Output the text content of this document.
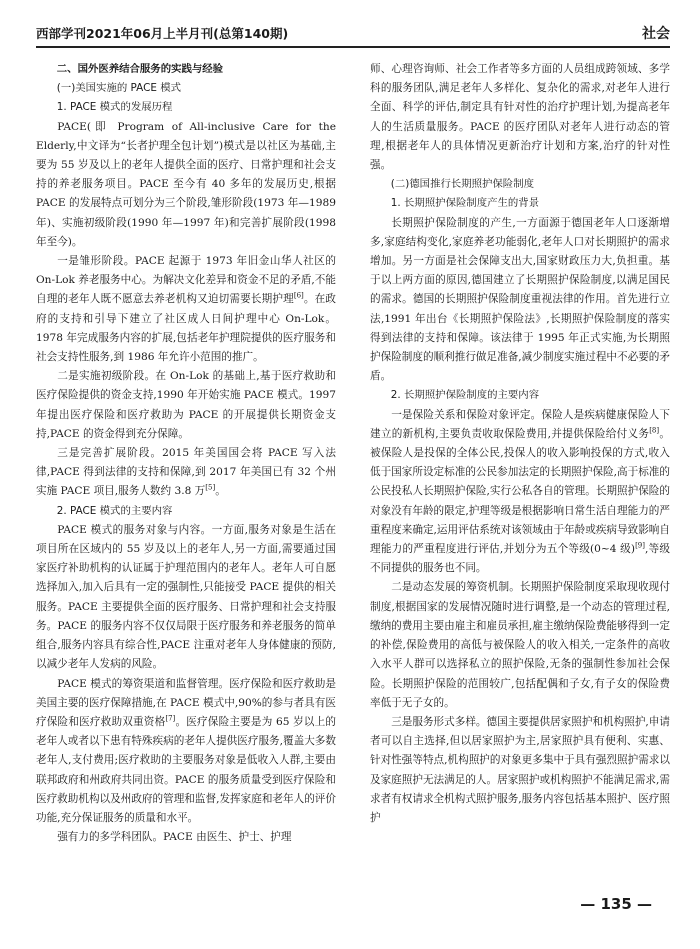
西部学刊2021年06月上半月刊(总第140期)	社会

二、国外医养结合服务的实践与经验

(一)美国实施的 PACE 模式

1. PACE 模式的发展历程

PACE(即 Program of All-inclusive Care for the Elderly,中文译为“长者护理全包计划”)模式是以社区为基础,主要为 55 岁及以上的老年人提供全面的医疗、日常护理和社会支持的养老服务项目。PACE 至今有 40 多年的发展历史,根据 PACE 的发展特点可划分为三个阶段,雏形阶段(1973 年—1989 年)、实施初级阶段(1990 年—1997 年)和完善扩展阶段(1998 年至今)。

一是雏形阶段。PACE 起源于 1973 年旧金山华人社区的 On-Lok 养老服务中心。为解决文化差异和资金不足的矛盾,不能自理的老年人既不愿意去养老机构又迫切需要长期护理[6]。在政府的支持和引导下建立了社区成人日间护理中心 On-Lok。1978 年完成服务内容的扩展,包括老年护理院提供的医疗服务和社会支持性服务,到 1986 年允许小范围的推广。

二是实施初级阶段。在 On-Lok 的基础上,基于医疗救助和医疗保险提供的资金支持,1990 年开始实施 PACE 模式。1997 年提出医疗保险和医疗救助为 PACE 的开展提供长期资金支持,PACE 的资金得到充分保障。

三是完善扩展阶段。2015 年美国国会将 PACE 写入法律,PACE 得到法律的支持和保障,到 2017 年美国已有 32 个州实施 PACE 项目,服务人数约 3.8 万[5]。

2. PACE 模式的主要内容

PACE 模式的服务对象与内容。一方面,服务对象是生活在项目所在区域内的 55 岁及以上的老年人,另一方面,需要通过国家医疗补助机构的认证属于护理范围内的老年人。老年人可自愿选择加入,加入后具有一定的强制性,只能接受 PACE 提供的相关服务。PACE 主要提供全面的医疗服务、日常护理和社会支持服务。PACE 的服务内容不仅仅局限于医疗服务和养老服务的简单组合,服务内容具有综合性,PACE 注重对老年人身体健康的预防,以减少老年人发病的风险。

PACE 模式的筹资渠道和监督管理。医疗保险和医疗救助是美国主要的医疗保障措施,在 PACE 模式中,90%的参与者具有医疗保险和医疗救助双重资格[7]。医疗保险主要是为 65 岁以上的老年人或者以下患有特殊疾病的老年人提供医疗服务,覆盖大多数老年人,支付费用;医疗救助的主要服务对象是低收入人群,主要由联邦政府和州政府共同出资。PACE 的服务质量受到医疗保险和医疗救助机构以及州政府的管理和监督,发挥家庭和老年人的评价功能,充分保证服务的质量和水平。

强有力的多学科团队。PACE 由医生、护士、护理

师、心理咨询师、社会工作者等多方面的人员组成跨领域、多学科的服务团队,满足老年人多样化、复杂化的需求,对老年人进行全面、科学的评估,制定具有针对性的治疗护理计划,为提高老年人的生活质量服务。PACE 的医疗团队对老年人进行动态的管理,根据老年人的具体情况更新治疗计划和方案,治疗的针对性强。

(二)德国推行长期照护保险制度

1. 长期照护保险制度产生的背景

长期照护保险制度的产生,一方面源于德国老年人口逐渐增多,家庭结构变化,家庭养老功能弱化,老年人口对长期照护的需求增加。另一方面是社会保障支出大,国家财政压力大,负担重。基于以上两方面的原因,德国建立了长期照护保险制度,以满足国民的需求。德国的长期照护保险制度重视法律的作用。首先进行立法,1991 年出台《长期照护保险法》,长期照护保险制度的落实得到法律的支持和保障。该法律于 1995 年正式实施,为长期照护保险制度的顺利推行做足准备,减少制度实施过程中不必要的矛盾。

2. 长期照护保险制度的主要内容

一是保险关系和保险对象评定。保险人是疾病健康保险人下建立的新机构,主要负责收取保险费用,并提供保险给付义务[8]。被保险人是投保的全体公民,投保人的收入影响投保的方式,收入低于国家所设定标准的公民参加法定的长期照护保险,高于标准的公民投私人长期照护保险,实行公私各自的管理。长期照护保险的对象没有年龄的限定,护理等级是根据影响日常生活自理能力的严重程度来确定,运用评估系统对该领域由于年龄或疾病导致影响自理能力的严重程度进行评估,并划分为五个等级(0~4 级)[9],等级不同提供的服务也不同。

二是动态发展的筹资机制。长期照护保险制度采取现收现付制度,根据国家的发展情况随时进行调整,是一个动态的管理过程,缴纳的费用主要由雇主和雇员承担,雇主缴纳保险费能够得到一定的补偿,保险费用的高低与被保险人的收入相关,一定条件的高收入水平人群可以选择私立的照护保险,无条的强制性参加社会保险。长期照护保险的范围较广,包括配偶和子女,有子女的保险费率低于无子女的。

三是服务形式多样。德国主要提供居家照护和机构照护,申请者可以自主选择,但以居家照护为主,居家照护具有便利、实惠、针对性强等特点,机构照护的对象更多集中于具有强烈照护需求以及家庭照护无法满足的人。居家照护或机构照护不能满足需求,需求者有权请求全机构式照护服务,服务内容包括基本照护、医疗照护

— 135 —
